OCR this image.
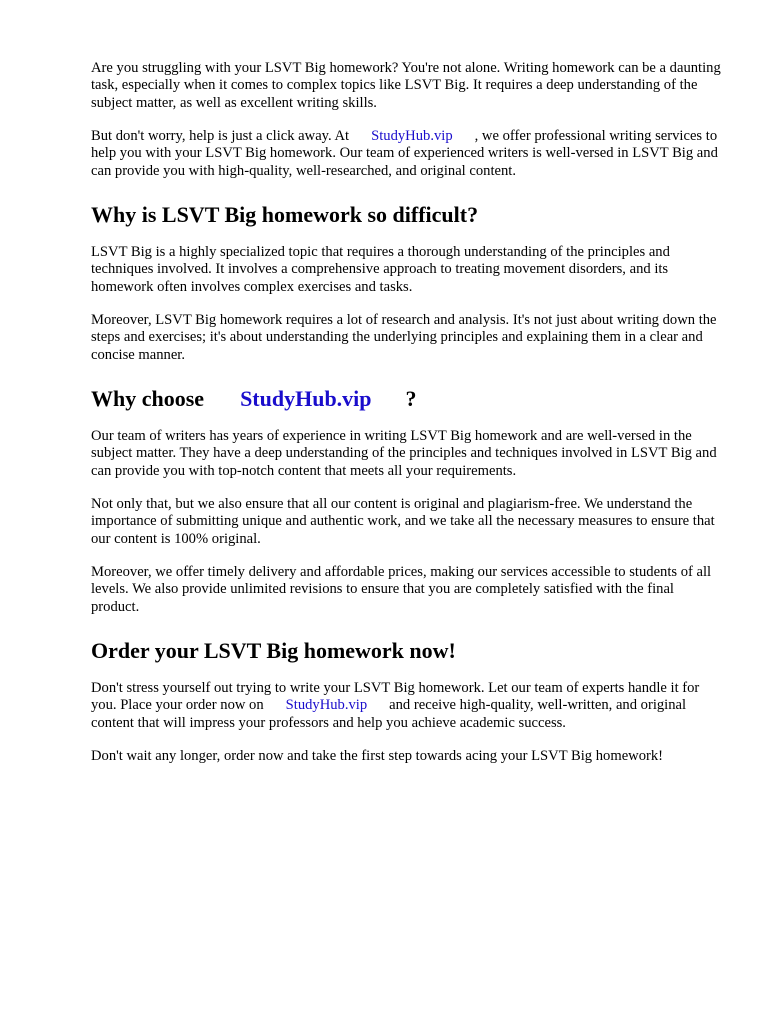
Are you struggling with your LSVT Big homework? You're not alone. Writing homework can be a daunting task, especially when it comes to complex topics like LSVT Big. It requires a deep understanding of the subject matter, as well as excellent writing skills.

But don't worry, help is just a click away. At StudyHub.vip , we offer professional writing services to help you with your LSVT Big homework. Our team of experienced writers is well-versed in LSVT Big and can provide you with high-quality, well-researched, and original content.

Why is LSVT Big homework so difficult?

LSVT Big is a highly specialized topic that requires a thorough understanding of the principles and techniques involved. It involves a comprehensive approach to treating movement disorders, and its homework often involves complex exercises and tasks.

Moreover, LSVT Big homework requires a lot of research and analysis. It's not just about writing down the steps and exercises; it's about understanding the underlying principles and explaining them in a clear and concise manner.

Why choose StudyHub.vip ?

Our team of writers has years of experience in writing LSVT Big homework and are well-versed in the subject matter. They have a deep understanding of the principles and techniques involved in LSVT Big and can provide you with top-notch content that meets all your requirements.

Not only that, but we also ensure that all our content is original and plagiarism-free. We understand the importance of submitting unique and authentic work, and we take all the necessary measures to ensure that our content is 100% original.

Moreover, we offer timely delivery and affordable prices, making our services accessible to students of all levels. We also provide unlimited revisions to ensure that you are completely satisfied with the final product.

Order your LSVT Big homework now!

Don't stress yourself out trying to write your LSVT Big homework. Let our team of experts handle it for you. Place your order now on StudyHub.vip and receive high-quality, well-written, and original content that will impress your professors and help you achieve academic success.

Don't wait any longer, order now and take the first step towards acing your LSVT Big homework!
